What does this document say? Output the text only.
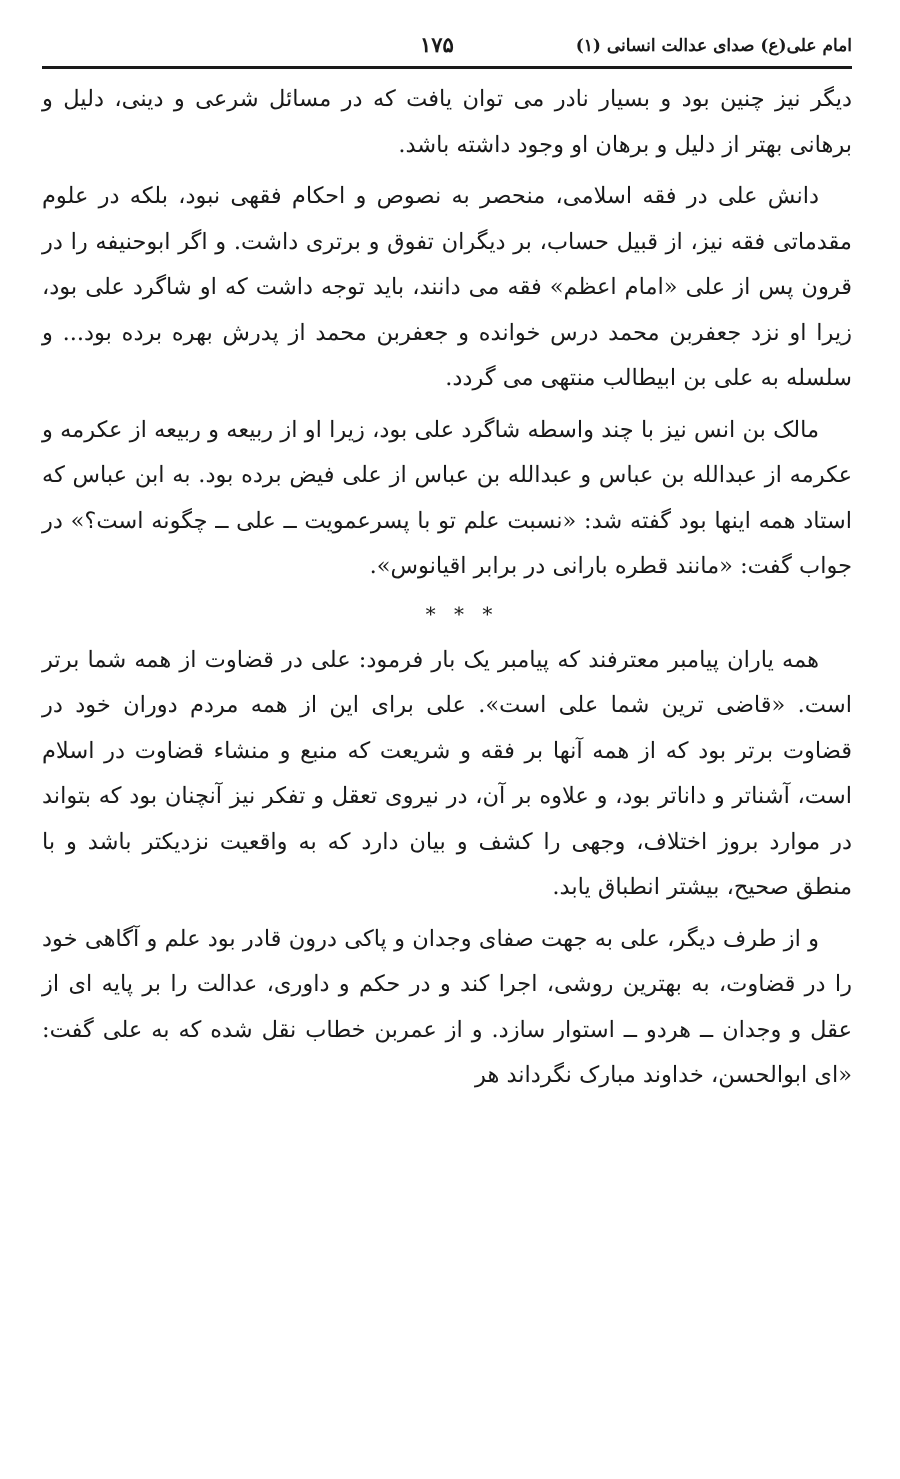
امام علی(ع) صدای عدالت انسانی (۱)
۱۷۵

دیگر نیز چنین بود و بسیار نادر می توان یافت که در مسائل شرعی و دینی، دلیل و برهانی بهتر از دلیل و برهان او وجود داشته باشد.

دانش علی در فقه اسلامی، منحصر به نصوص و احکام فقهی نبود، بلکه در علوم مقدماتی فقه نیز، از قبیل حساب، بر دیگران تفوق و برتری داشت. و اگر ابوحنیفه را در قرون پس از علی «امام اعظم» فقه می دانند، باید توجه داشت که او شاگرد علی بود، زیرا او نزد جعفربن محمد درس خوانده و جعفربن محمد از پدرش بهره برده بود... و سلسله به علی بن ابیطالب منتهی می گردد.

مالک بن انس نیز با چند واسطه شاگرد علی بود، زیرا او از ربیعه و ربیعه از عکرمه و عکرمه از عبدالله بن عباس و عبدالله بن عباس از علی فیض برده بود. به ابن عباس که استاد همه اینها بود گفته شد: «نسبت علم تو با پسرعمویت ــ علی ــ چگونه است؟» در جواب گفت: «مانند قطره بارانی در برابر اقیانوس».

* * *

همه یاران پیامبر معترفند که پیامبر یک بار فرمود: علی در قضاوت از همه شما برتر است. «قاضی ترین شما علی است». علی برای این از همه مردم دوران خود در قضاوت برتر بود که از همه آنها بر فقه و شریعت که منبع و منشاء قضاوت در اسلام است، آشناتر و داناتر بود، و علاوه بر آن، در نیروی تعقل و تفکر نیز آنچنان بود که بتواند در موارد بروز اختلاف، وجهی را کشف و بیان دارد که به واقعیت نزدیکتر باشد و با منطق صحیح، بیشتر انطباق یابد.

و از طرف دیگر، علی به جهت صفای وجدان و پاکی درون قادر بود علم و آگاهی خود را در قضاوت، به بهترین روشی، اجرا کند و در حکم و داوری، عدالت را بر پایه ای از عقل و وجدان ــ هردو ــ استوار سازد. و از عمربن خطاب نقل شده که به علی گفت: «ای ابوالحسن، خداوند مبارک نگرداند هر
